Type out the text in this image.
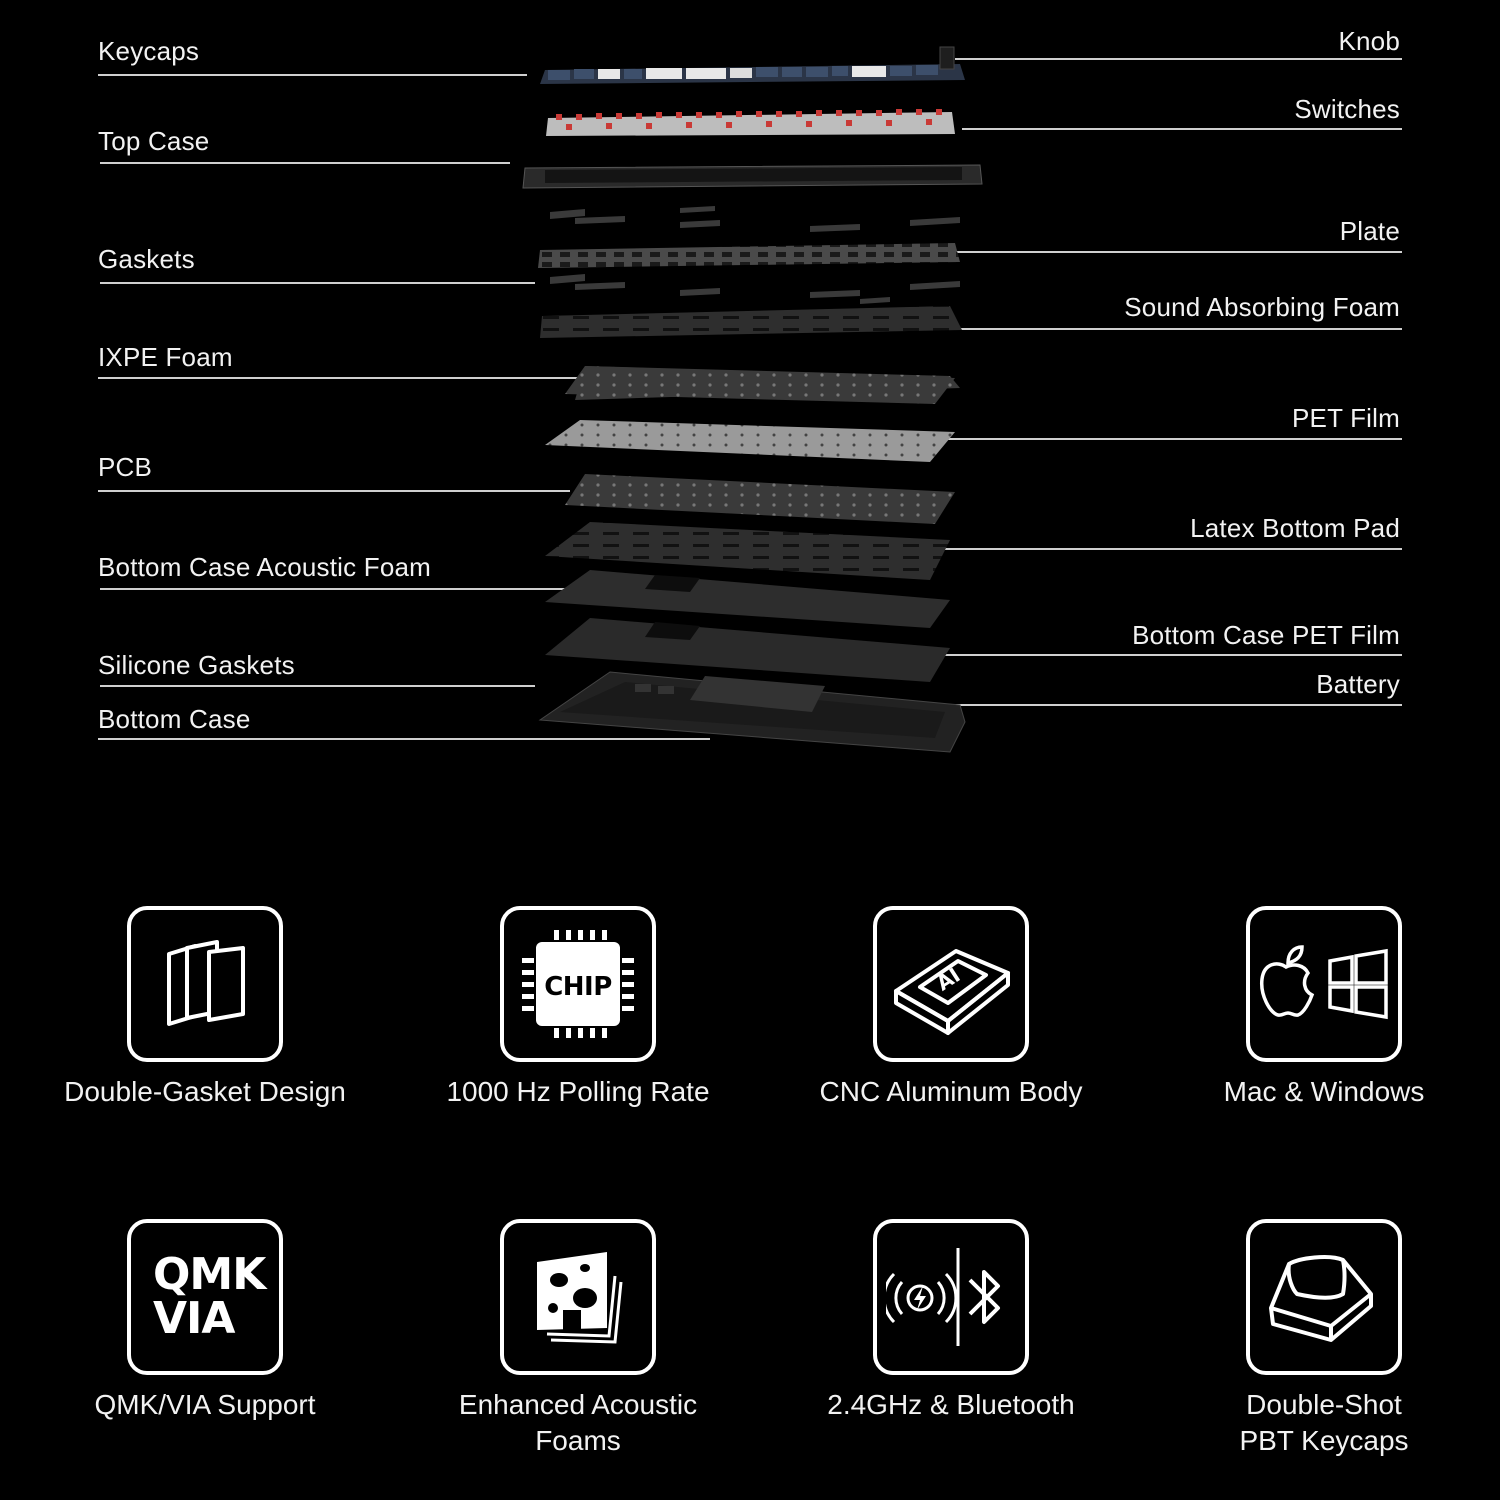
Keycaps
Top Case
Gaskets
IXPE Foam
PCB
Bottom Case Acoustic Foam
Silicone Gaskets
Bottom Case
Knob
Switches
Plate
Sound Absorbing Foam
PET Film
Latex Bottom Pad
Bottom Case PET Film
Battery
Double-Gasket Design
CHIP
1000 Hz Polling Rate
AI
CNC Aluminum Body	Mac & Windows
QMK
VIA
QMK/VIA Support	Enhanced Acoustic
Foams
2.4GHz & Bluetooth	Double-Shot
PBT Keycaps
